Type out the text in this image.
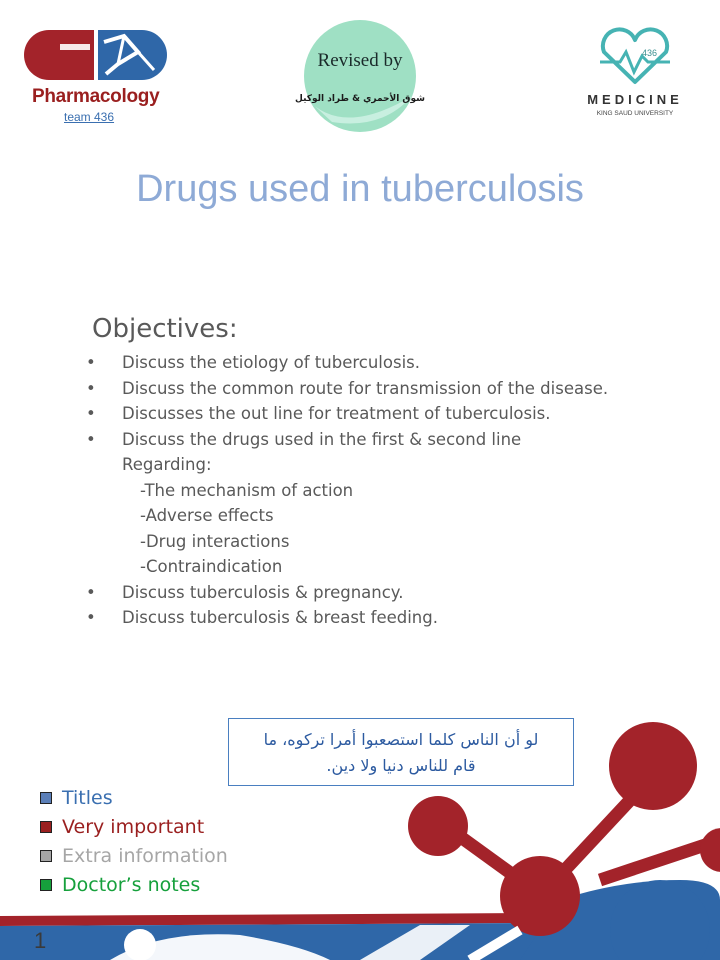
Pharmacology
team 436
Revised by
شوق الأحمري & طراد الوكيل
436
MEDICINE
KING SAUD UNIVERSITY
Drugs used in tuberculosis
Objectives:
• Discuss the etiology of tuberculosis.
• Discuss the common route for transmission of the disease.
• Discusses the out line for treatment of tuberculosis.
• Discuss the drugs used in the first & second line
Regarding:
-The mechanism of action
-Adverse effects
-Drug interactions
-Contraindication
• Discuss tuberculosis & pregnancy.
• Discuss tuberculosis & breast feeding.
لو أن الناس كلما استصعبوا أمرا تركوه، ما
قام للناس دنيا ولا دين.
Titles
Very important
Extra information
Doctor’s notes
1
